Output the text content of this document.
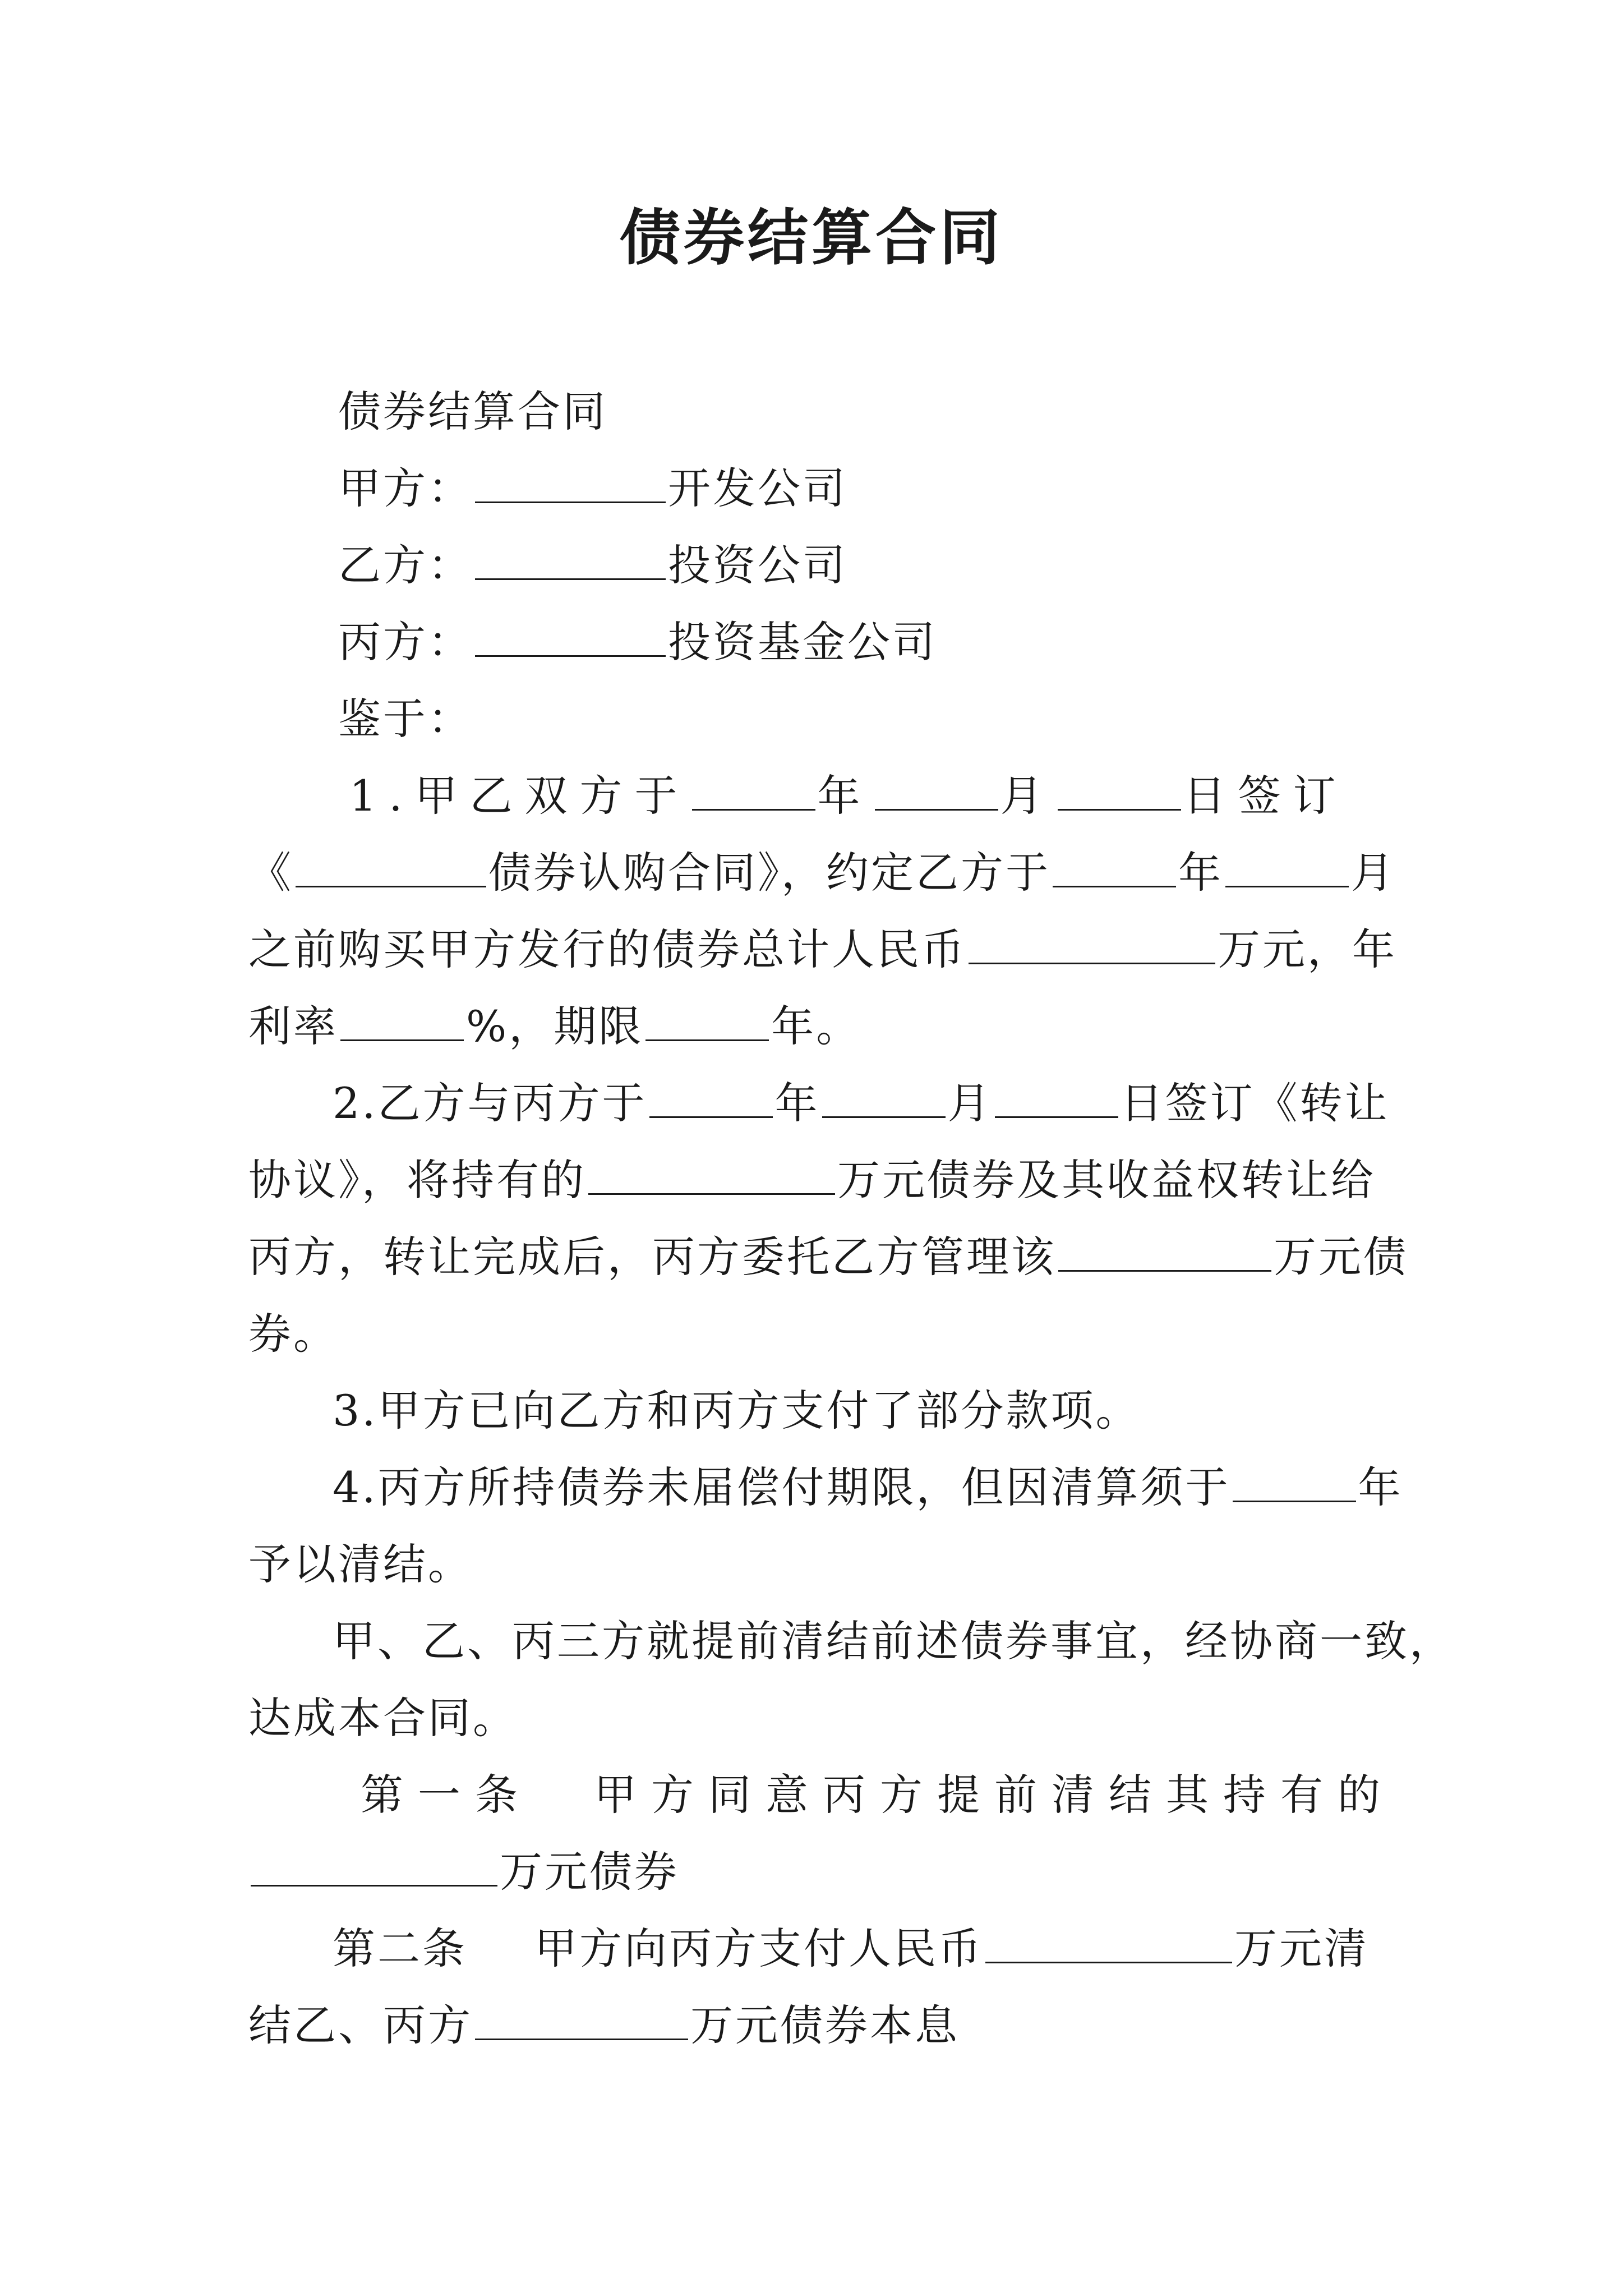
债券结算合同
债券结算合同
甲方：	开发公司
乙方：	投资公司
丙方：	投资基金公司
鉴于：
1.甲乙双方于	年	月	日签订
《	债券认购合同》，约定乙方于	年	月
之前购买甲方发行的债券总计人民币	万元，年
利率	%，期限	年。
2.乙方与丙方于	年	月	日签订《转让
协议》，将持有的	万元债券及其收益权转让给
丙方，转让完成后，丙方委托乙方管理该	万元债
券。
3.甲方已向乙方和丙方支付了部分款项。
4.丙方所持债券未届偿付期限，但因清算须于	年
予以清结。
甲、乙、丙三方就提前清结前述债券事宜，经协商一致，
达成本合同。
第一条 甲方同意丙方提前清结其持有的
万元债券
第二条 甲方向丙方支付人民币	万元清
结乙、丙方	万元债券本息
